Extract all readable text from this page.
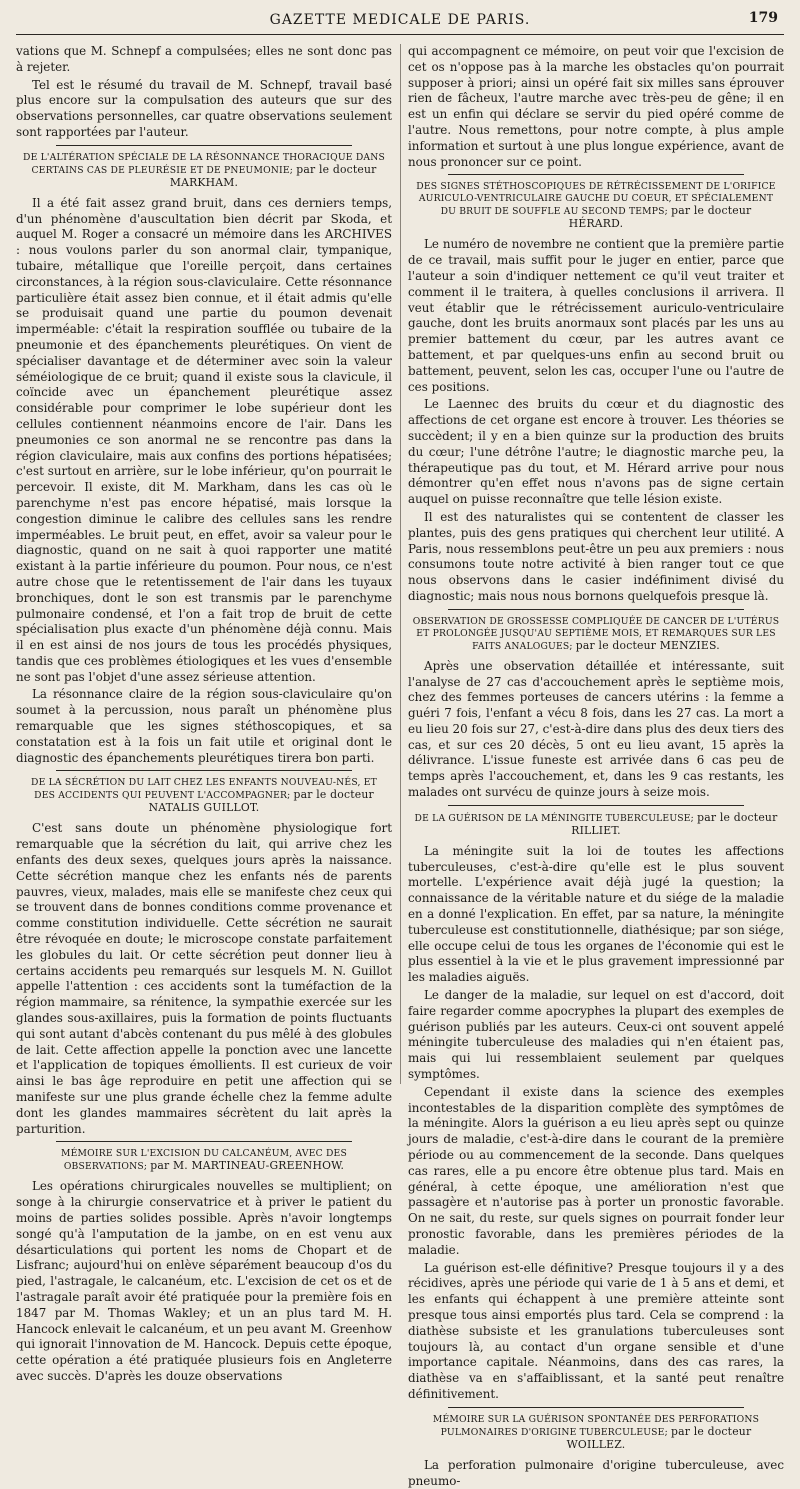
GAZETTE MEDICALE DE PARIS.	179

vations que M. Schnepf a compulsées; elles ne sont donc pas à rejeter.

Tel est le résumé du travail de M. Schnepf, travail basé plus encore sur la compulsation des auteurs que sur des observations personnelles, car quatre observations seulement sont rapportées par l'auteur.

DE L'ALTÉRATION SPÉCIALE DE LA RÉSONNANCE THORACIQUE DANS CERTAINS CAS DE PLEURÉSIE ET DE PNEUMONIE; par le docteur MARKHAM.

Il a été fait assez grand bruit, dans ces derniers temps, d'un phénomène d'auscultation bien décrit par Skoda, et auquel M. Roger a consacré un mémoire dans les ARCHIVES : nous voulons parler du son anormal clair, tympanique, tubaire, métallique que l'oreille perçoit, dans certaines circonstances, à la région sous-claviculaire. Cette résonnance particulière était assez bien connue, et il était admis qu'elle se produisait quand une partie du poumon devenait imperméable: c'était la respiration soufflée ou tubaire de la pneumonie et des épanchements pleurétiques. On vient de spécialiser davantage et de déterminer avec soin la valeur séméiologique de ce bruit; quand il existe sous la clavicule, il coïncide avec un épanchement pleurétique assez considérable pour comprimer le lobe supérieur dont les cellules contiennent néanmoins encore de l'air. Dans les pneumonies ce son anormal ne se rencontre pas dans la région claviculaire, mais aux confins des portions hépatisées; c'est surtout en arrière, sur le lobe inférieur, qu'on pourrait le percevoir. Il existe, dit M. Markham, dans les cas où le parenchyme n'est pas encore hépatisé, mais lorsque la congestion diminue le calibre des cellules sans les rendre imperméables. Le bruit peut, en effet, avoir sa valeur pour le diagnostic, quand on ne sait à quoi rapporter une matité existant à la partie inférieure du poumon. Pour nous, ce n'est autre chose que le retentissement de l'air dans les tuyaux bronchiques, dont le son est transmis par le parenchyme pulmonaire condensé, et l'on a fait trop de bruit de cette spécialisation plus exacte d'un phénomène déjà connu. Mais il en est ainsi de nos jours de tous les procédés physiques, tandis que ces problèmes étiologiques et les vues d'ensemble ne sont pas l'objet d'une assez sérieuse attention.

La résonnance claire de la région sous-claviculaire qu'on soumet à la percussion, nous paraît un phénomène plus remarquable que les signes stéthoscopiques, et sa constatation est à la fois un fait utile et original dont le diagnostic des épanchements pleurétiques tirera bon parti.

DE LA SÉCRÉTION DU LAIT CHEZ LES ENFANTS NOUVEAU-NÉS, ET DES ACCIDENTS QUI PEUVENT L'ACCOMPAGNER; par le docteur NATALIS GUILLOT.

C'est sans doute un phénomène physiologique fort remarquable que la sécrétion du lait, qui arrive chez les enfants des deux sexes, quelques jours après la naissance. Cette sécrétion manque chez les enfants nés de parents pauvres, vieux, malades, mais elle se manifeste chez ceux qui se trouvent dans de bonnes conditions comme provenance et comme constitution individuelle. Cette sécrétion ne saurait être révoquée en doute; le microscope constate parfaitement les globules du lait. Or cette sécrétion peut donner lieu à certains accidents peu remarqués sur lesquels M. N. Guillot appelle l'attention : ces accidents sont la tuméfaction de la région mammaire, sa rénitence, la sympathie exercée sur les glandes sous-axillaires, puis la formation de points fluctuants qui sont autant d'abcès contenant du pus mêlé à des globules de lait. Cette affection appelle la ponction avec une lancette et l'application de topiques émollients. Il est curieux de voir ainsi le bas âge reproduire en petit une affection qui se manifeste sur une plus grande échelle chez la femme adulte dont les glandes mammaires sécrètent du lait après la parturition.

MÉMOIRE SUR L'EXCISION DU CALCANÉUM, AVEC DES OBSERVATIONS; par M. MARTINEAU-GREENHOW.

Les opérations chirurgicales nouvelles se multiplient; on songe à la chirurgie conservatrice et à priver le patient du moins de parties solides possible. Après n'avoir longtemps songé qu'à l'amputation de la jambe, on en est venu aux désarticulations qui portent les noms de Chopart et de Lisfranc; aujourd'hui on enlève séparément beaucoup d'os du pied, l'astragale, le calcanéum, etc. L'excision de cet os et de l'astragale paraît avoir été pratiquée pour la première fois en 1847 par M. Thomas Wakley; et un an plus tard M. H. Hancock enlevait le calcanéum, et un peu avant M. Greenhow qui ignorait l'innovation de M. Hancock. Depuis cette époque, cette opération a été pratiquée plusieurs fois en Angleterre avec succès. D'après les douze observations

qui accompagnent ce mémoire, on peut voir que l'excision de cet os n'oppose pas à la marche les obstacles qu'on pourrait supposer à priori; ainsi un opéré fait six milles sans éprouver rien de fâcheux, l'autre marche avec très-peu de gêne; il en est un enfin qui déclare se servir du pied opéré comme de l'autre. Nous remettons, pour notre compte, à plus ample information et surtout à une plus longue expérience, avant de nous prononcer sur ce point.

DES SIGNES STÉTHOSCOPIQUES DE RÉTRÉCISSEMENT DE L'ORIFICE AURICULO-VENTRICULAIRE GAUCHE DU COEUR, ET SPÉCIALEMENT DU BRUIT DE SOUFFLE AU SECOND TEMPS; par le docteur HÉRARD.

Le numéro de novembre ne contient que la première partie de ce travail, mais suffit pour le juger en entier, parce que l'auteur a soin d'indiquer nettement ce qu'il veut traiter et comment il le traitera, à quelles conclusions il arrivera. Il veut établir que le rétrécissement auriculo-ventriculaire gauche, dont les bruits anormaux sont placés par les uns au premier battement du cœur, par les autres avant ce battement, et par quelques-uns enfin au second bruit ou battement, peuvent, selon les cas, occuper l'une ou l'autre de ces positions.

Le Laennec des bruits du cœur et du diagnostic des affections de cet organe est encore à trouver. Les théories se succèdent; il y en a bien quinze sur la production des bruits du cœur; l'une détrône l'autre; le diagnostic marche peu, la thérapeutique pas du tout, et M. Hérard arrive pour nous démontrer qu'en effet nous n'avons pas de signe certain auquel on puisse reconnaître que telle lésion existe.

Il est des naturalistes qui se contentent de classer les plantes, puis des gens pratiques qui cherchent leur utilité. A Paris, nous ressemblons peut-être un peu aux premiers : nous consumons toute notre activité à bien ranger tout ce que nous observons dans le casier indéfiniment divisé du diagnostic; mais nous nous bornons quelquefois presque là.

OBSERVATION DE GROSSESSE COMPLIQUÉE DE CANCER DE L'UTÉRUS ET PROLONGÉE JUSQU'AU SEPTIÈME MOIS, ET REMARQUES SUR LES FAITS ANALOGUES; par le docteur MENZIES.

Après une observation détaillée et intéressante, suit l'analyse de 27 cas d'accouchement après le septième mois, chez des femmes porteuses de cancers utérins : la femme a guéri 7 fois, l'enfant a vécu 8 fois, dans les 27 cas. La mort a eu lieu 20 fois sur 27, c'est-à-dire dans plus des deux tiers des cas, et sur ces 20 décès, 5 ont eu lieu avant, 15 après la délivrance. L'issue funeste est arrivée dans 6 cas peu de temps après l'accouchement, et, dans les 9 cas restants, les malades ont survécu de quinze jours à seize mois.

DE LA GUÉRISON DE LA MÉNINGITE TUBERCULEUSE; par le docteur RILLIET.

La méningite suit la loi de toutes les affections tuberculeuses, c'est-à-dire qu'elle est le plus souvent mortelle. L'expérience avait déjà jugé la question; la connaissance de la véritable nature et du siége de la maladie en a donné l'explication. En effet, par sa nature, la méningite tuberculeuse est constitutionnelle, diathésique; par son siége, elle occupe celui de tous les organes de l'économie qui est le plus essentiel à la vie et le plus gravement impressionné par les maladies aiguës.

Le danger de la maladie, sur lequel on est d'accord, doit faire regarder comme apocryphes la plupart des exemples de guérison publiés par les auteurs. Ceux-ci ont souvent appelé méningite tuberculeuse des maladies qui n'en étaient pas, mais qui lui ressemblaient seulement par quelques symptômes.

Cependant il existe dans la science des exemples incontestables de la disparition complète des symptômes de la méningite. Alors la guérison a eu lieu après sept ou quinze jours de maladie, c'est-à-dire dans le courant de la première période ou au commencement de la seconde. Dans quelques cas rares, elle a pu encore être obtenue plus tard. Mais en général, à cette époque, une amélioration n'est que passagère et n'autorise pas à porter un pronostic favorable. On ne sait, du reste, sur quels signes on pourrait fonder leur pronostic favorable, dans les premières périodes de la maladie.

La guérison est-elle définitive? Presque toujours il y a des récidives, après une période qui varie de 1 à 5 ans et demi, et les enfants qui échappent à une première atteinte sont presque tous ainsi emportés plus tard. Cela se comprend : la diathèse subsiste et les granulations tuberculeuses sont toujours là, au contact d'un organe sensible et d'une importance capitale. Néanmoins, dans des cas rares, la diathèse va en s'affaiblissant, et la santé peut renaître définitivement.

MÉMOIRE SUR LA GUÉRISON SPONTANÉE DES PERFORATIONS PULMONAIRES D'ORIGINE TUBERCULEUSE; par le docteur WOILLEZ.

La perforation pulmonaire d'origine tuberculeuse, avec pneumo-
